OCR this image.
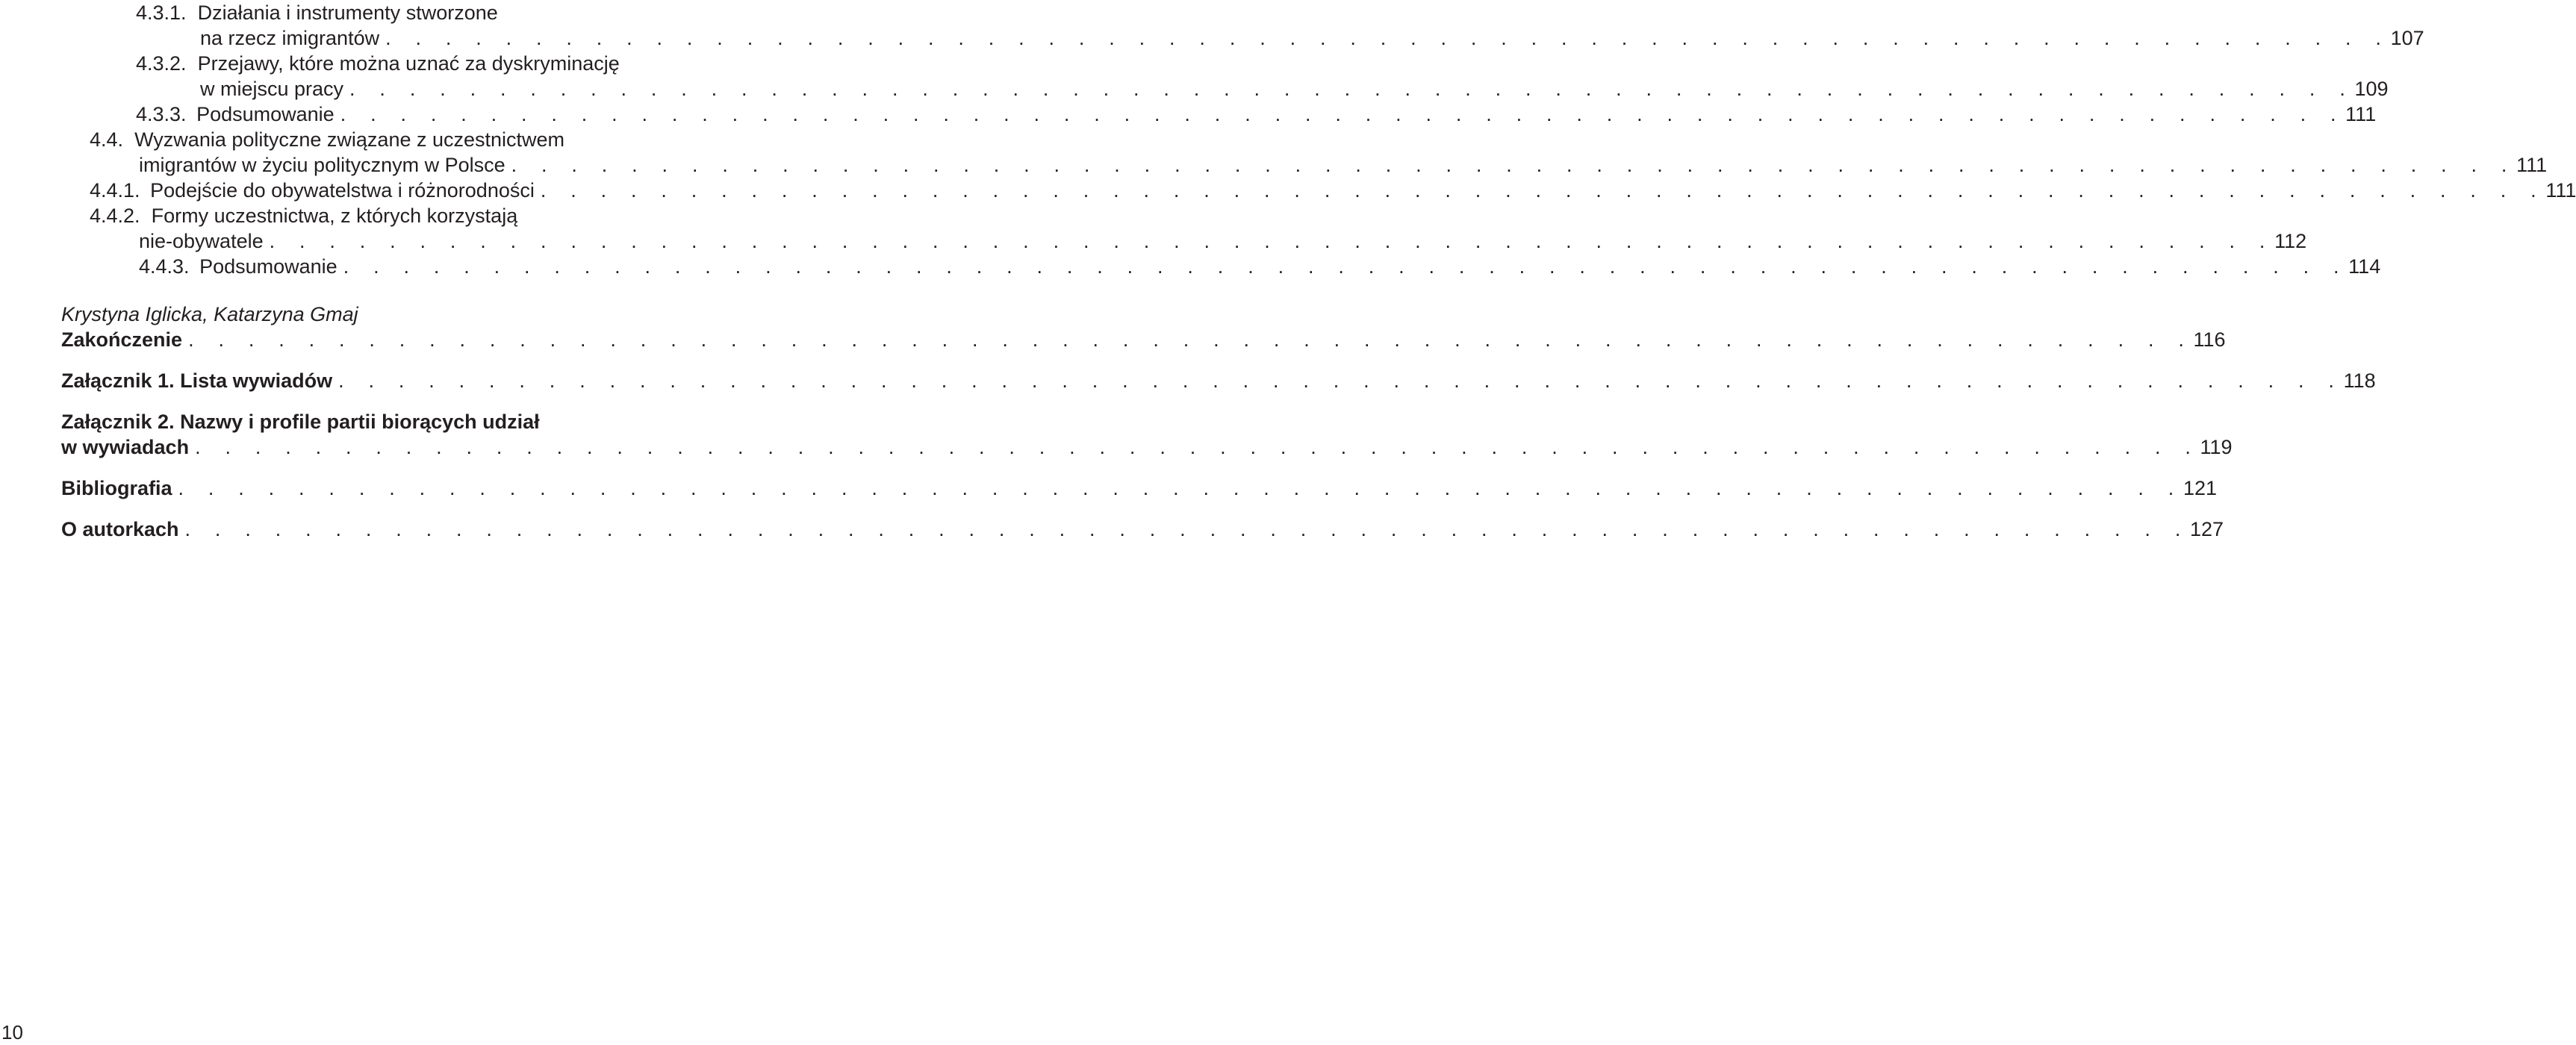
4.3.1. Działania i instrumenty stworzone
na rzecz imigrantów . . . . . . . . . . . . . . . . . . . . . . . . . . . . . . . . . . . . . . . . . . . . . . . . . . . . . . . . . . . . . . . . . . . 107
4.3.2. Przejawy, które można uznać za dyskryminację
w miejscu pracy . . . . . . . . . . . . . . . . . . . . . . . . . . . . . . . . . . . . . . . . . . . . . . . . . . . . . . . . . . . . . . . . . . . 109
4.3.3.
Podsumowanie . . . . . . . . . . . . . . . . . . . . . . . . . . . . . . . . . . . . . . . . . . . . . . . . . . . . . . . . . . . . . . . . . . . 111
4.4. Wyzwania polityczne związane z uczestnictwem
imigrantów w życiu politycznym w Polsce . . . . . . . . . . . . . . . . . . . . . . . . . . . . . . . . . . . . . . . . . . . . . . . . . . . . . . . . . . . . . . . . . . . 111
4.4.1.
Podejście do obywatelstwa i różnorodności . . . . . . . . . . . . . . . . . . . . . . . . . . . . . . . . . . . . . . . . . . . . . . . . . . . . . . . . . . . . . . . . . . . 111
4.4.2. Formy uczestnictwa, z których korzystają
nie-obywatele . . . . . . . . . . . . . . . . . . . . . . . . . . . . . . . . . . . . . . . . . . . . . . . . . . . . . . . . . . . . . . . . . . . 112
4.4.3.
Podsumowanie . . . . . . . . . . . . . . . . . . . . . . . . . . . . . . . . . . . . . . . . . . . . . . . . . . . . . . . . . . . . . . . . . . . 114
Krystyna Iglicka, Katarzyna Gmaj
Zakończenie . . . . . . . . . . . . . . . . . . . . . . . . . . . . . . . . . . . . . . . . . . . . . . . . . . . . . . . . . . . . . . . . . . . 116
Załącznik 1. Lista wywiadów . . . . . . . . . . . . . . . . . . . . . . . . . . . . . . . . . . . . . . . . . . . . . . . . . . . . . . . . . . . . . . . . . . . 118
Załącznik 2. Nazwy i profile partii biorących udział
w wywiadach . . . . . . . . . . . . . . . . . . . . . . . . . . . . . . . . . . . . . . . . . . . . . . . . . . . . . . . . . . . . . . . . . . . 119
Bibliografia . . . . . . . . . . . . . . . . . . . . . . . . . . . . . . . . . . . . . . . . . . . . . . . . . . . . . . . . . . . . . . . . . . . 121
O autorkach . . . . . . . . . . . . . . . . . . . . . . . . . . . . . . . . . . . . . . . . . . . . . . . . . . . . . . . . . . . . . . . . . . . 127
10
